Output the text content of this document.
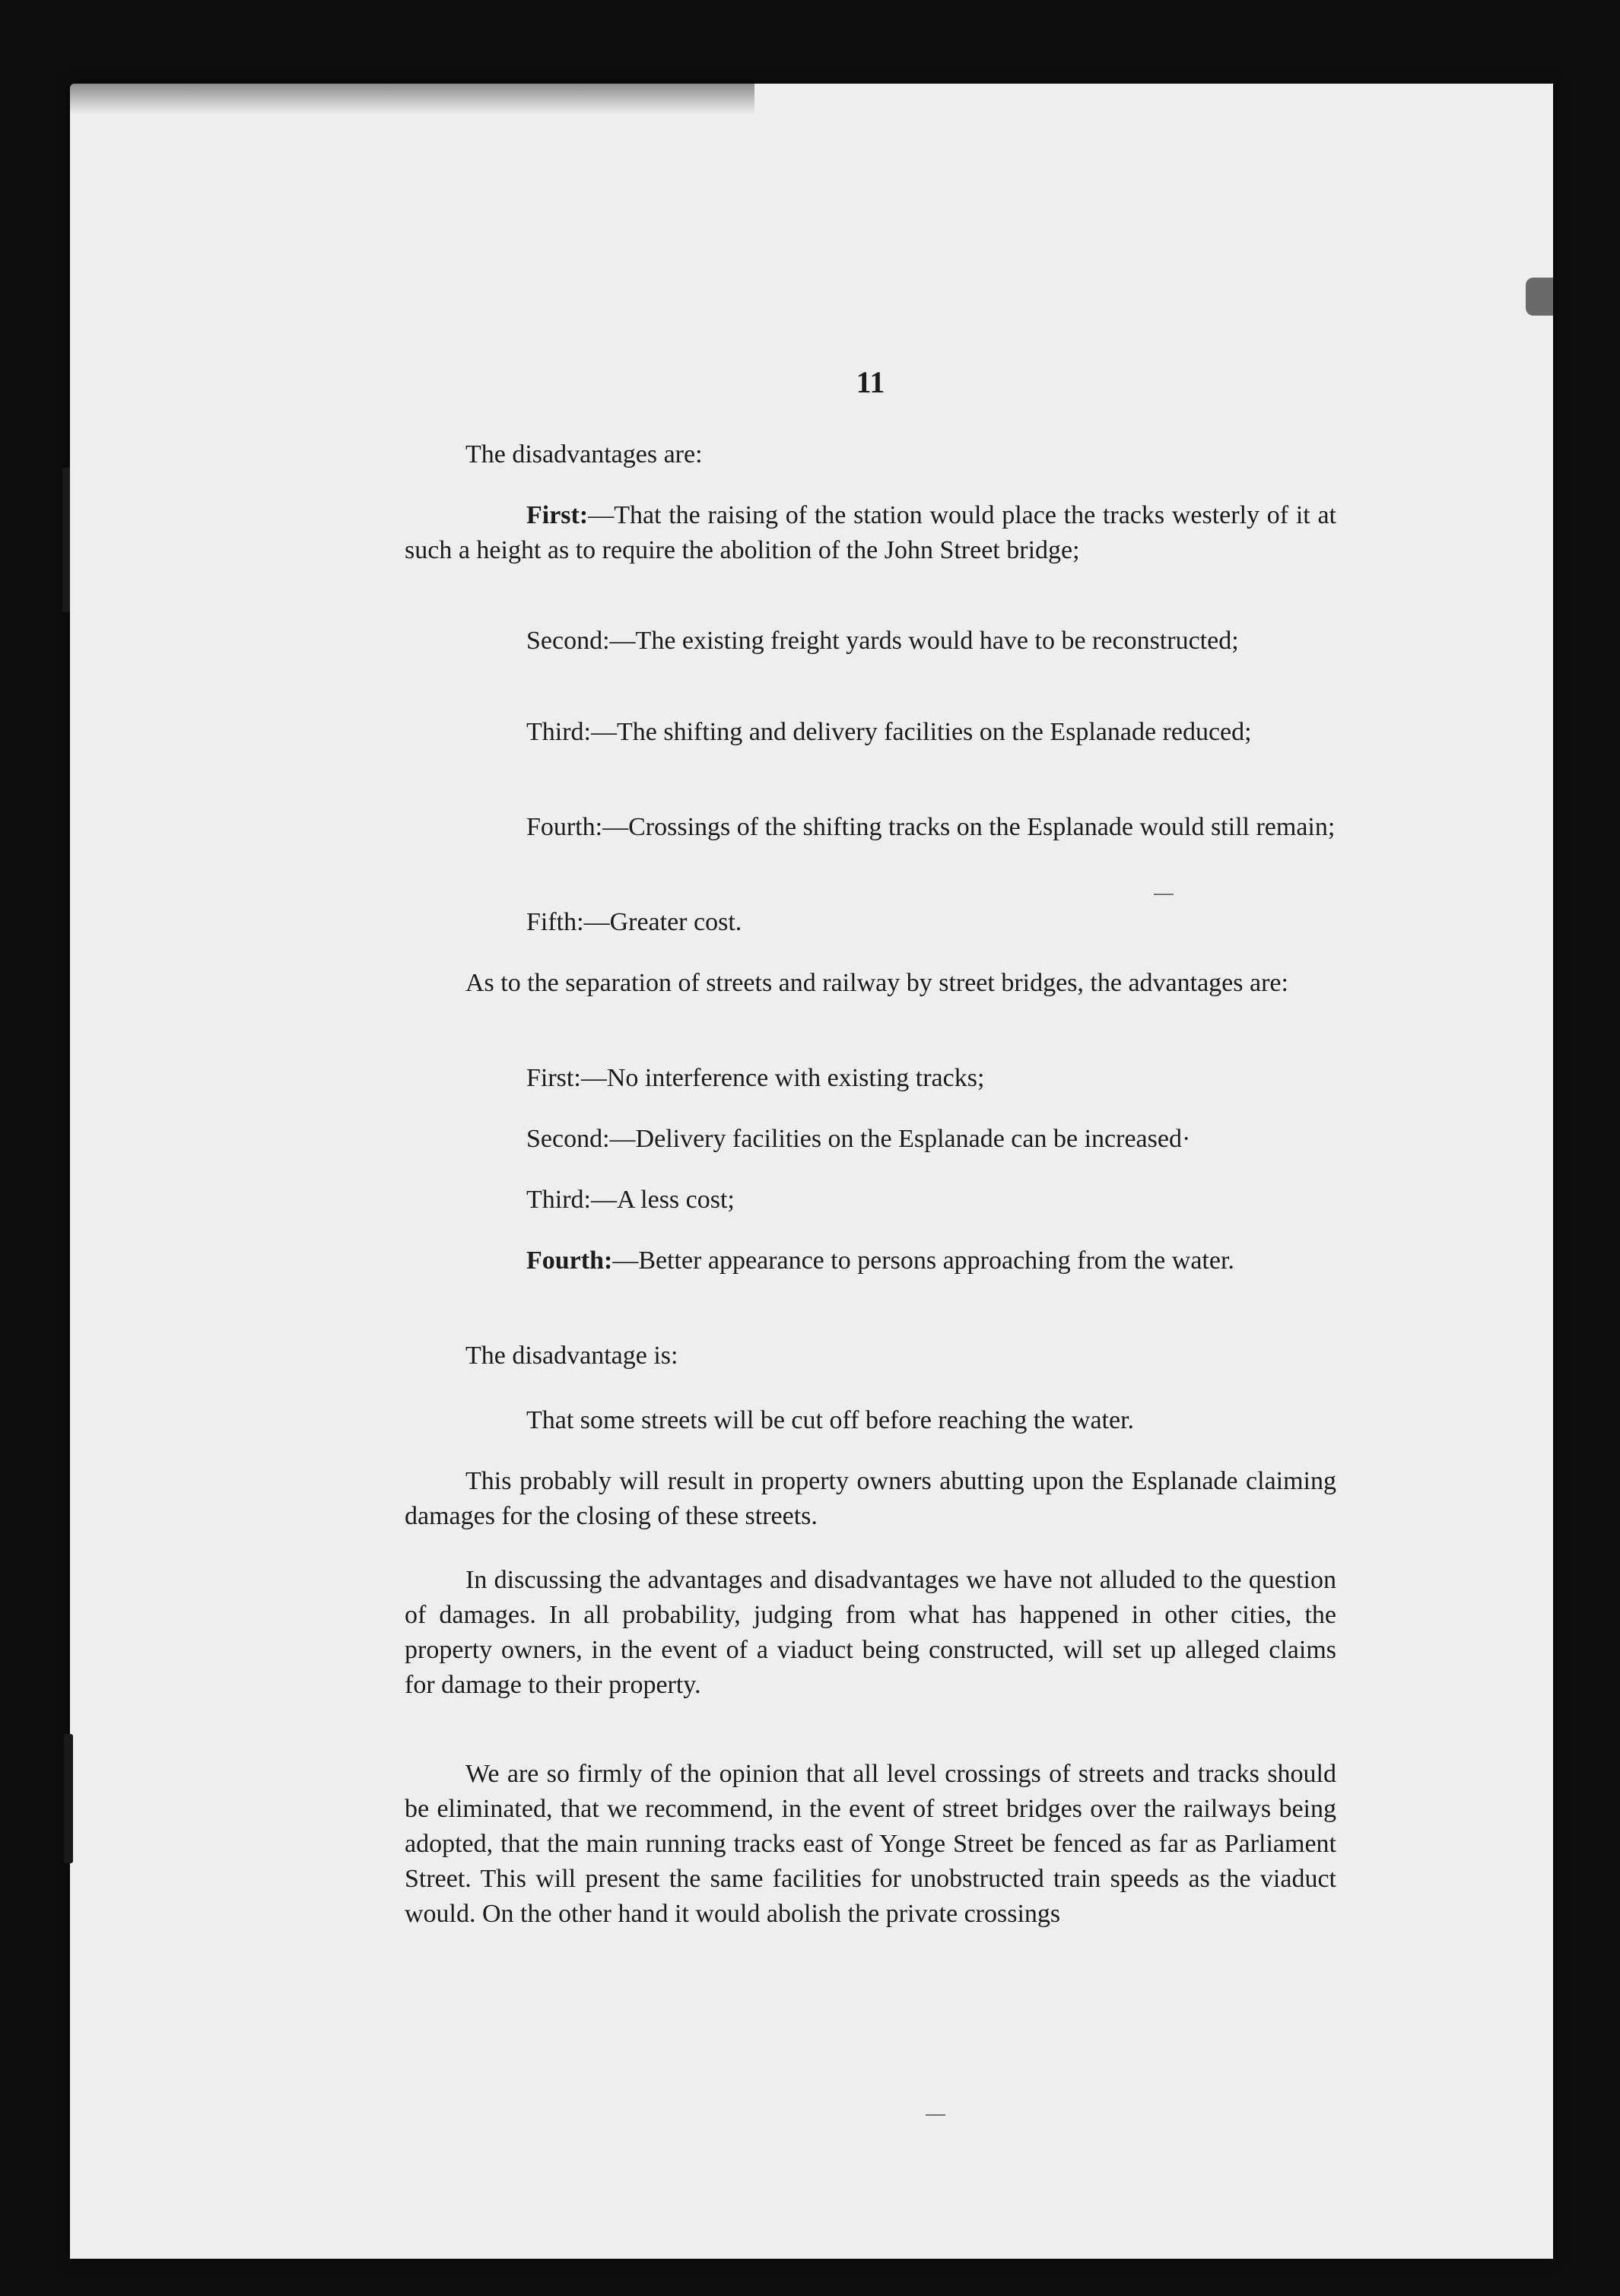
11

The disadvantages are:

First:—That the raising of the station would place the tracks westerly of it at such a height as to require the abolition of the John Street bridge;

Second:—The existing freight yards would have to be reconstructed;

Third:—The shifting and delivery facilities on the Esplanade reduced;

Fourth:—Crossings of the shifting tracks on the Esplanade would still remain;

Fifth:—Greater cost.

As to the separation of streets and railway by street bridges, the advantages are:

First:—No interference with existing tracks;

Second:—Delivery facilities on the Esplanade can be increased·

Third:—A less cost;

Fourth:—Better appearance to persons approaching from the water.

The disadvantage is:

That some streets will be cut off before reaching the water.

This probably will result in property owners abutting upon the Esplanade claiming damages for the closing of these streets.

In discussing the advantages and disadvantages we have not alluded to the question of damages. In all probability, judging from what has happened in other cities, the property owners, in the event of a viaduct being constructed, will set up alleged claims for damage to their property.

We are so firmly of the opinion that all level crossings of streets and tracks should be eliminated, that we recommend, in the event of street bridges over the railways being adopted, that the main running tracks east of Yonge Street be fenced as far as Parliament Street. This will present the same facilities for unobstructed train speeds as the viaduct would. On the other hand it would abolish the private crossings
